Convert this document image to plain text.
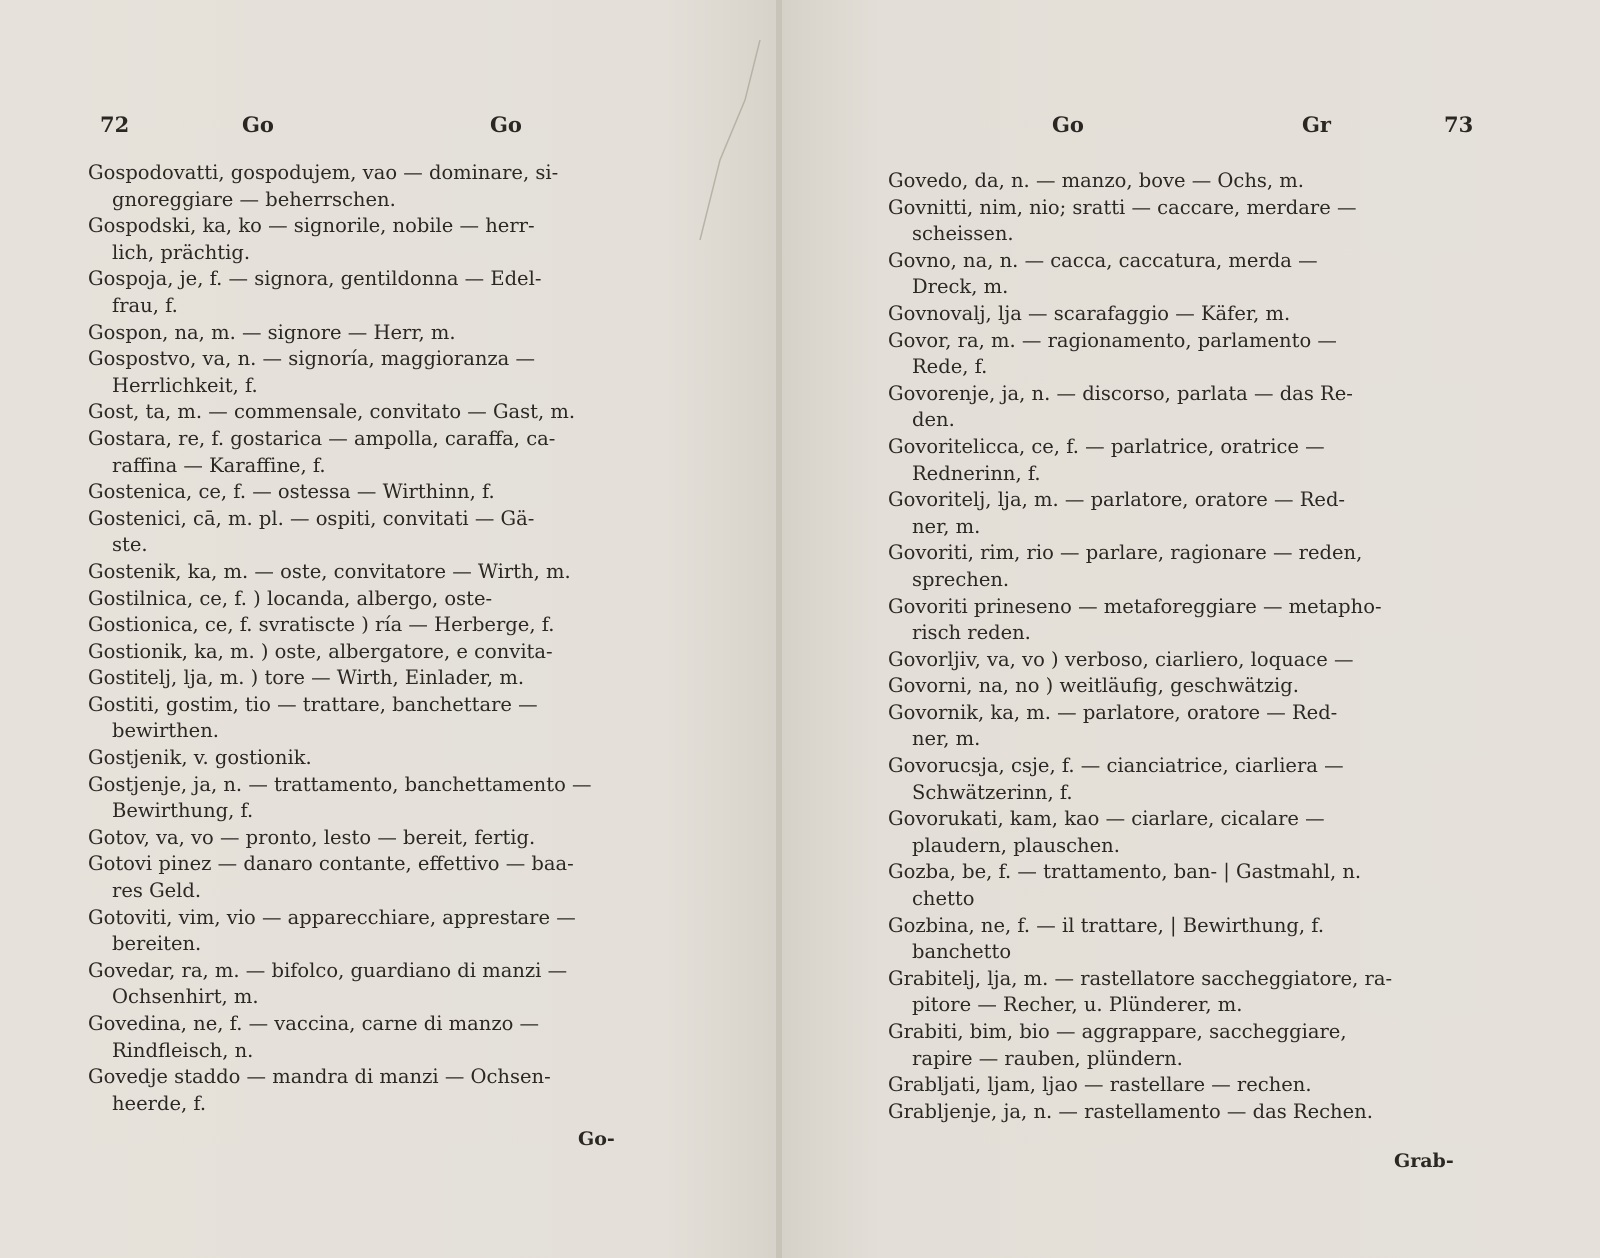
72	Go	Go
Gospodovatti, gospodujem, vao — dominare, si-
gnoreggiare — beherrschen.
Gospodski, ka, ko — signorile, nobile — herr-
lich, prächtig.
Gospoja, je, f. — signora, gentildonna — Edel-
frau, f.
Gospon, na, m. — signore — Herr, m.
Gospostvo, va, n. — signoría, maggioranza —
Herrlichkeit, f.
Gost, ta, m. — commensale, convitato — Gast, m.
Gostara, re, f. gostarica — ampolla, caraffa, ca-
raffina — Karaffine, f.
Gostenica, ce, f. — ostessa — Wirthinn, f.
Gostenici, cā, m. pl. — ospiti, convitati — Gä-
ste.
Gostenik, ka, m. — oste, convitatore — Wirth, m.
Gostilnica, ce, f. ) locanda, albergo, oste-
Gostionica, ce, f. svratiscte ) ría — Herberge, f.
Gostionik, ka, m. ) oste, albergatore, e convita-
Gostitelj, lja, m. ) tore — Wirth, Einlader, m.
Gostiti, gostim, tio — trattare, banchettare —
bewirthen.
Gostjenik, v. gostionik.
Gostjenje, ja, n. — trattamento, banchettamento —
Bewirthung, f.
Gotov, va, vo — pronto, lesto — bereit, fertig.
Gotovi pinez — danaro contante, effettivo — baa-
res Geld.
Gotoviti, vim, vio — apparecchiare, apprestare —
bereiten.
Govedar, ra, m. — bifolco, guardiano di manzi —
Ochsenhirt, m.
Govedina, ne, f. — vaccina, carne di manzo —
Rindfleisch, n.
Govedje staddo — mandra di manzi — Ochsen-
heerde, f.
Go-
Go	Gr	73
Govedo, da, n. — manzo, bove — Ochs, m.
Govnitti, nim, nio; sratti — caccare, merdare —
scheissen.
Govno, na, n. — cacca, caccatura, merda —
Dreck, m.
Govnovalj, lja — scarafaggio — Käfer, m.
Govor, ra, m. — ragionamento, parlamento —
Rede, f.
Govorenje, ja, n. — discorso, parlata — das Re-
den.
Govoritelicca, ce, f. — parlatrice, oratrice —
Rednerinn, f.
Govoritelj, lja, m. — parlatore, oratore — Red-
ner, m.
Govoriti, rim, rio — parlare, ragionare — reden,
sprechen.
Govoriti prineseno — metaforeggiare — metapho-
risch reden.
Govorljiv, va, vo ) verboso, ciarliero, loquace —
Govorni, na, no ) weitläufig, geschwätzig.
Govornik, ka, m. — parlatore, oratore — Red-
ner, m.
Govorucsja, csje, f. — cianciatrice, ciarliera —
Schwätzerinn, f.
Govorukati, kam, kao — ciarlare, cicalare —
plaudern, plauschen.
Gozba, be, f. — trattamento, ban- | Gastmahl, n.
chetto
Gozbina, ne, f. — il trattare, | Bewirthung, f.
banchetto
Grabitelj, lja, m. — rastellatore saccheggiatore, ra-
pitore — Recher, u. Plünderer, m.
Grabiti, bim, bio — aggrappare, saccheggiare,
rapire — rauben, plündern.
Grabljati, ljam, ljao — rastellare — rechen.
Grabljenje, ja, n. — rastellamento — das Rechen.
Grab-
